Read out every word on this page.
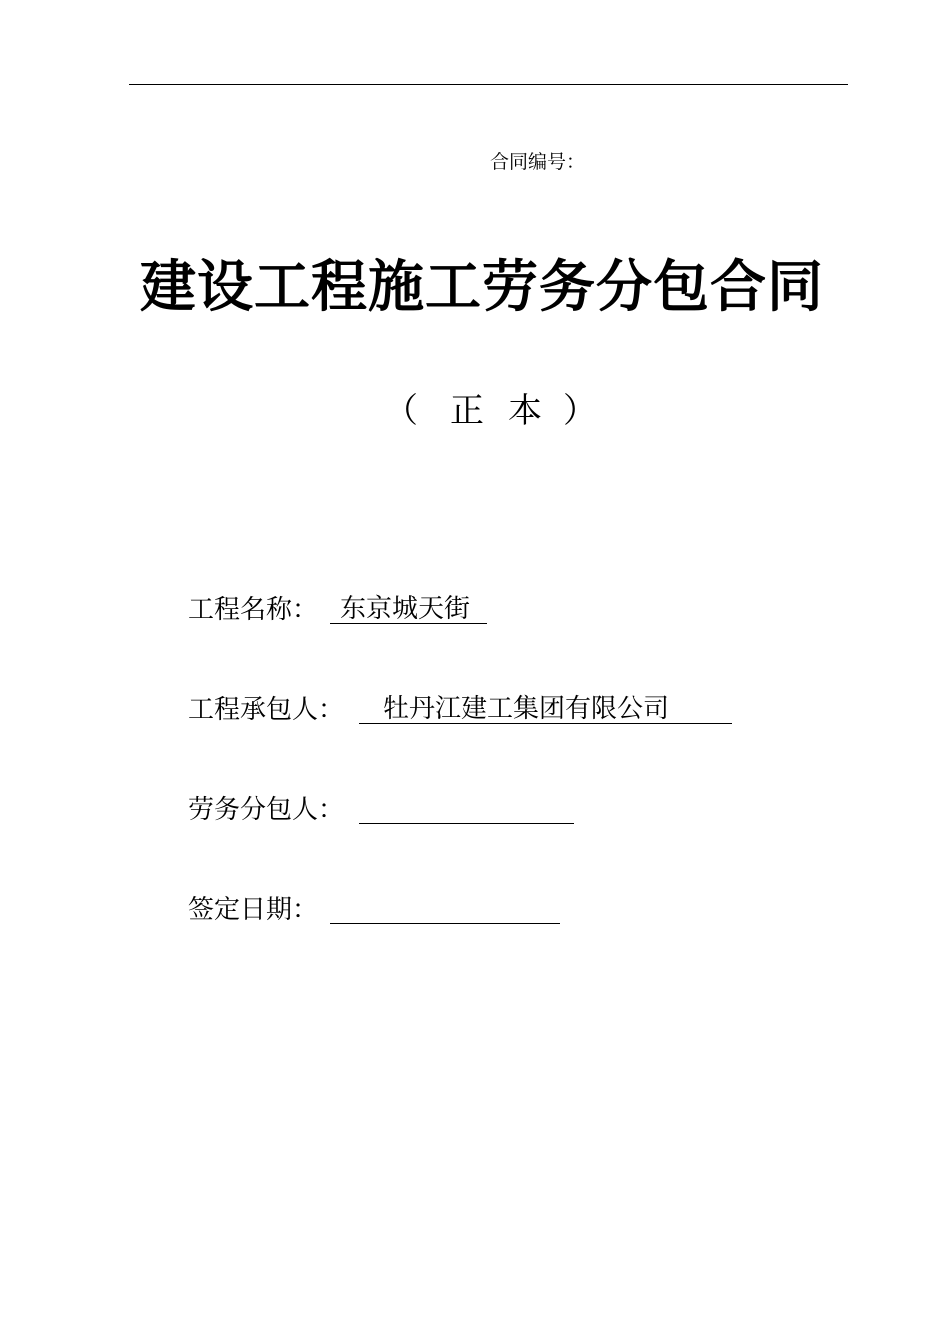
合同编号：
建设工程施工劳务分包合同
（ 正 本 ）
工程名称： 东京城天街
工程承包人： 牡丹江建工集团有限公司
劳务分包人：
签定日期：
